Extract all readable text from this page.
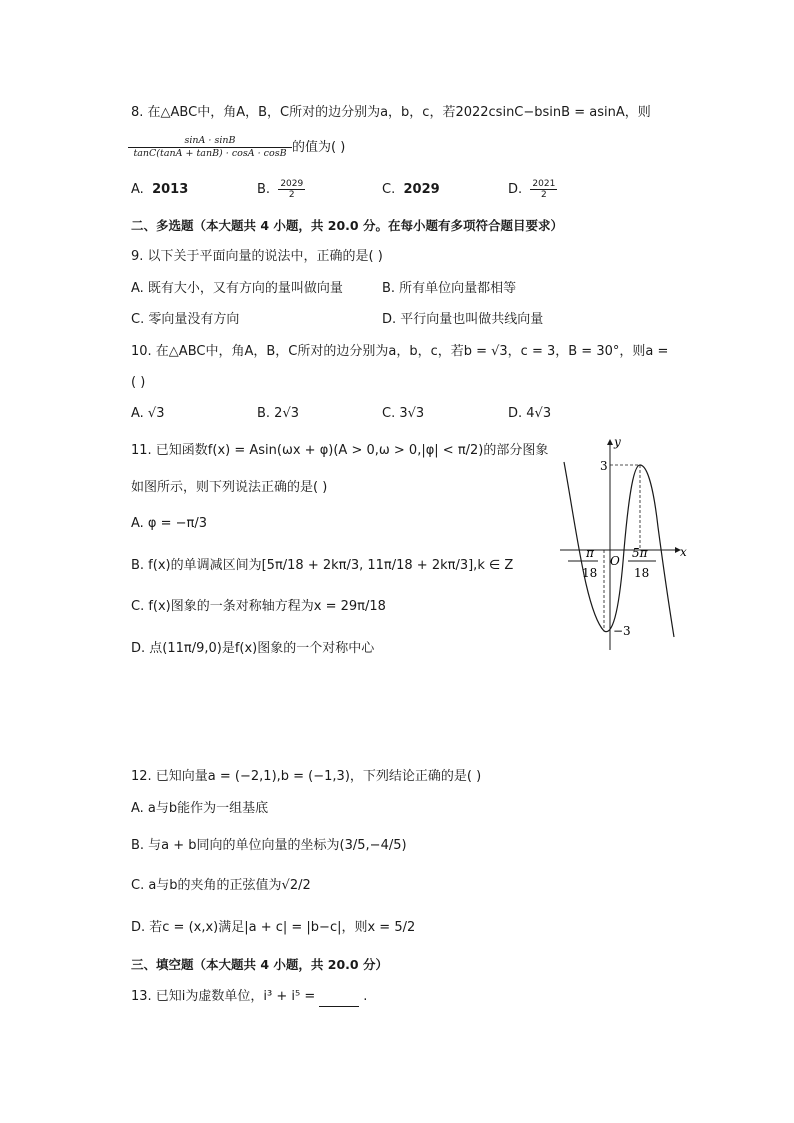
8. 在△ABC中，角A，B，C所对的边分别为a，b，c，若2022csinC−bsinB = asinA，则
$\frac{\sin A \cdot \sin B}{\tan C(\tan A + \tan B) \cdot \cos A \cdot \cos B}$ 的值为( )
A. 2013	B. $\frac{2029}{2}$	C. 2029	D. $\frac{2021}{2}$
二、多选题（本大题共 4 小题，共 20.0 分。在每小题有多项符合题目要求）
9. 以下关于平面向量的说法中，正确的是( )
A. 既有大小，又有方向的量叫做向量	B. 所有单位向量都相等
C. 零向量没有方向	D. 平行向量也叫做共线向量
10. 在△ABC中，角A，B，C所对的边分别为a，b，c，若b = √3，c = 3，B = 30°，则a =
( )
A. √3	B. 2√3	C. 3√3	D. 4√3
11. 已知函数f(x) = Asin(ωx + φ)(A > 0,ω > 0,|φ| < π/2)的部分图象
如图所示，则下列说法正确的是( )
A. φ = −π/3
B. f(x)的单调减区间为[5π/18 + 2kπ/3, 11π/18 + 2kπ/3],k ∈ Z
C. f(x)图象的一条对称轴方程为x = 29π/18
D. 点(11π/9,0)是f(x)图象的一个对称中心
y
x
O
3
−3
π
18
5π
18
12. 已知向量a = (−2,1),b = (−1,3)，下列结论正确的是( )
A. a与b能作为一组基底
B. 与a + b同向的单位向量的坐标为(3/5,−4/5)
C. a与b的夹角的正弦值为√2/2
D. 若c = (x,x)满足|a + c| = |b−c|，则x = 5/2
三、填空题（本大题共 4 小题，共 20.0 分）
13. 已知i为虚数单位，i³ + i⁵ =	.
